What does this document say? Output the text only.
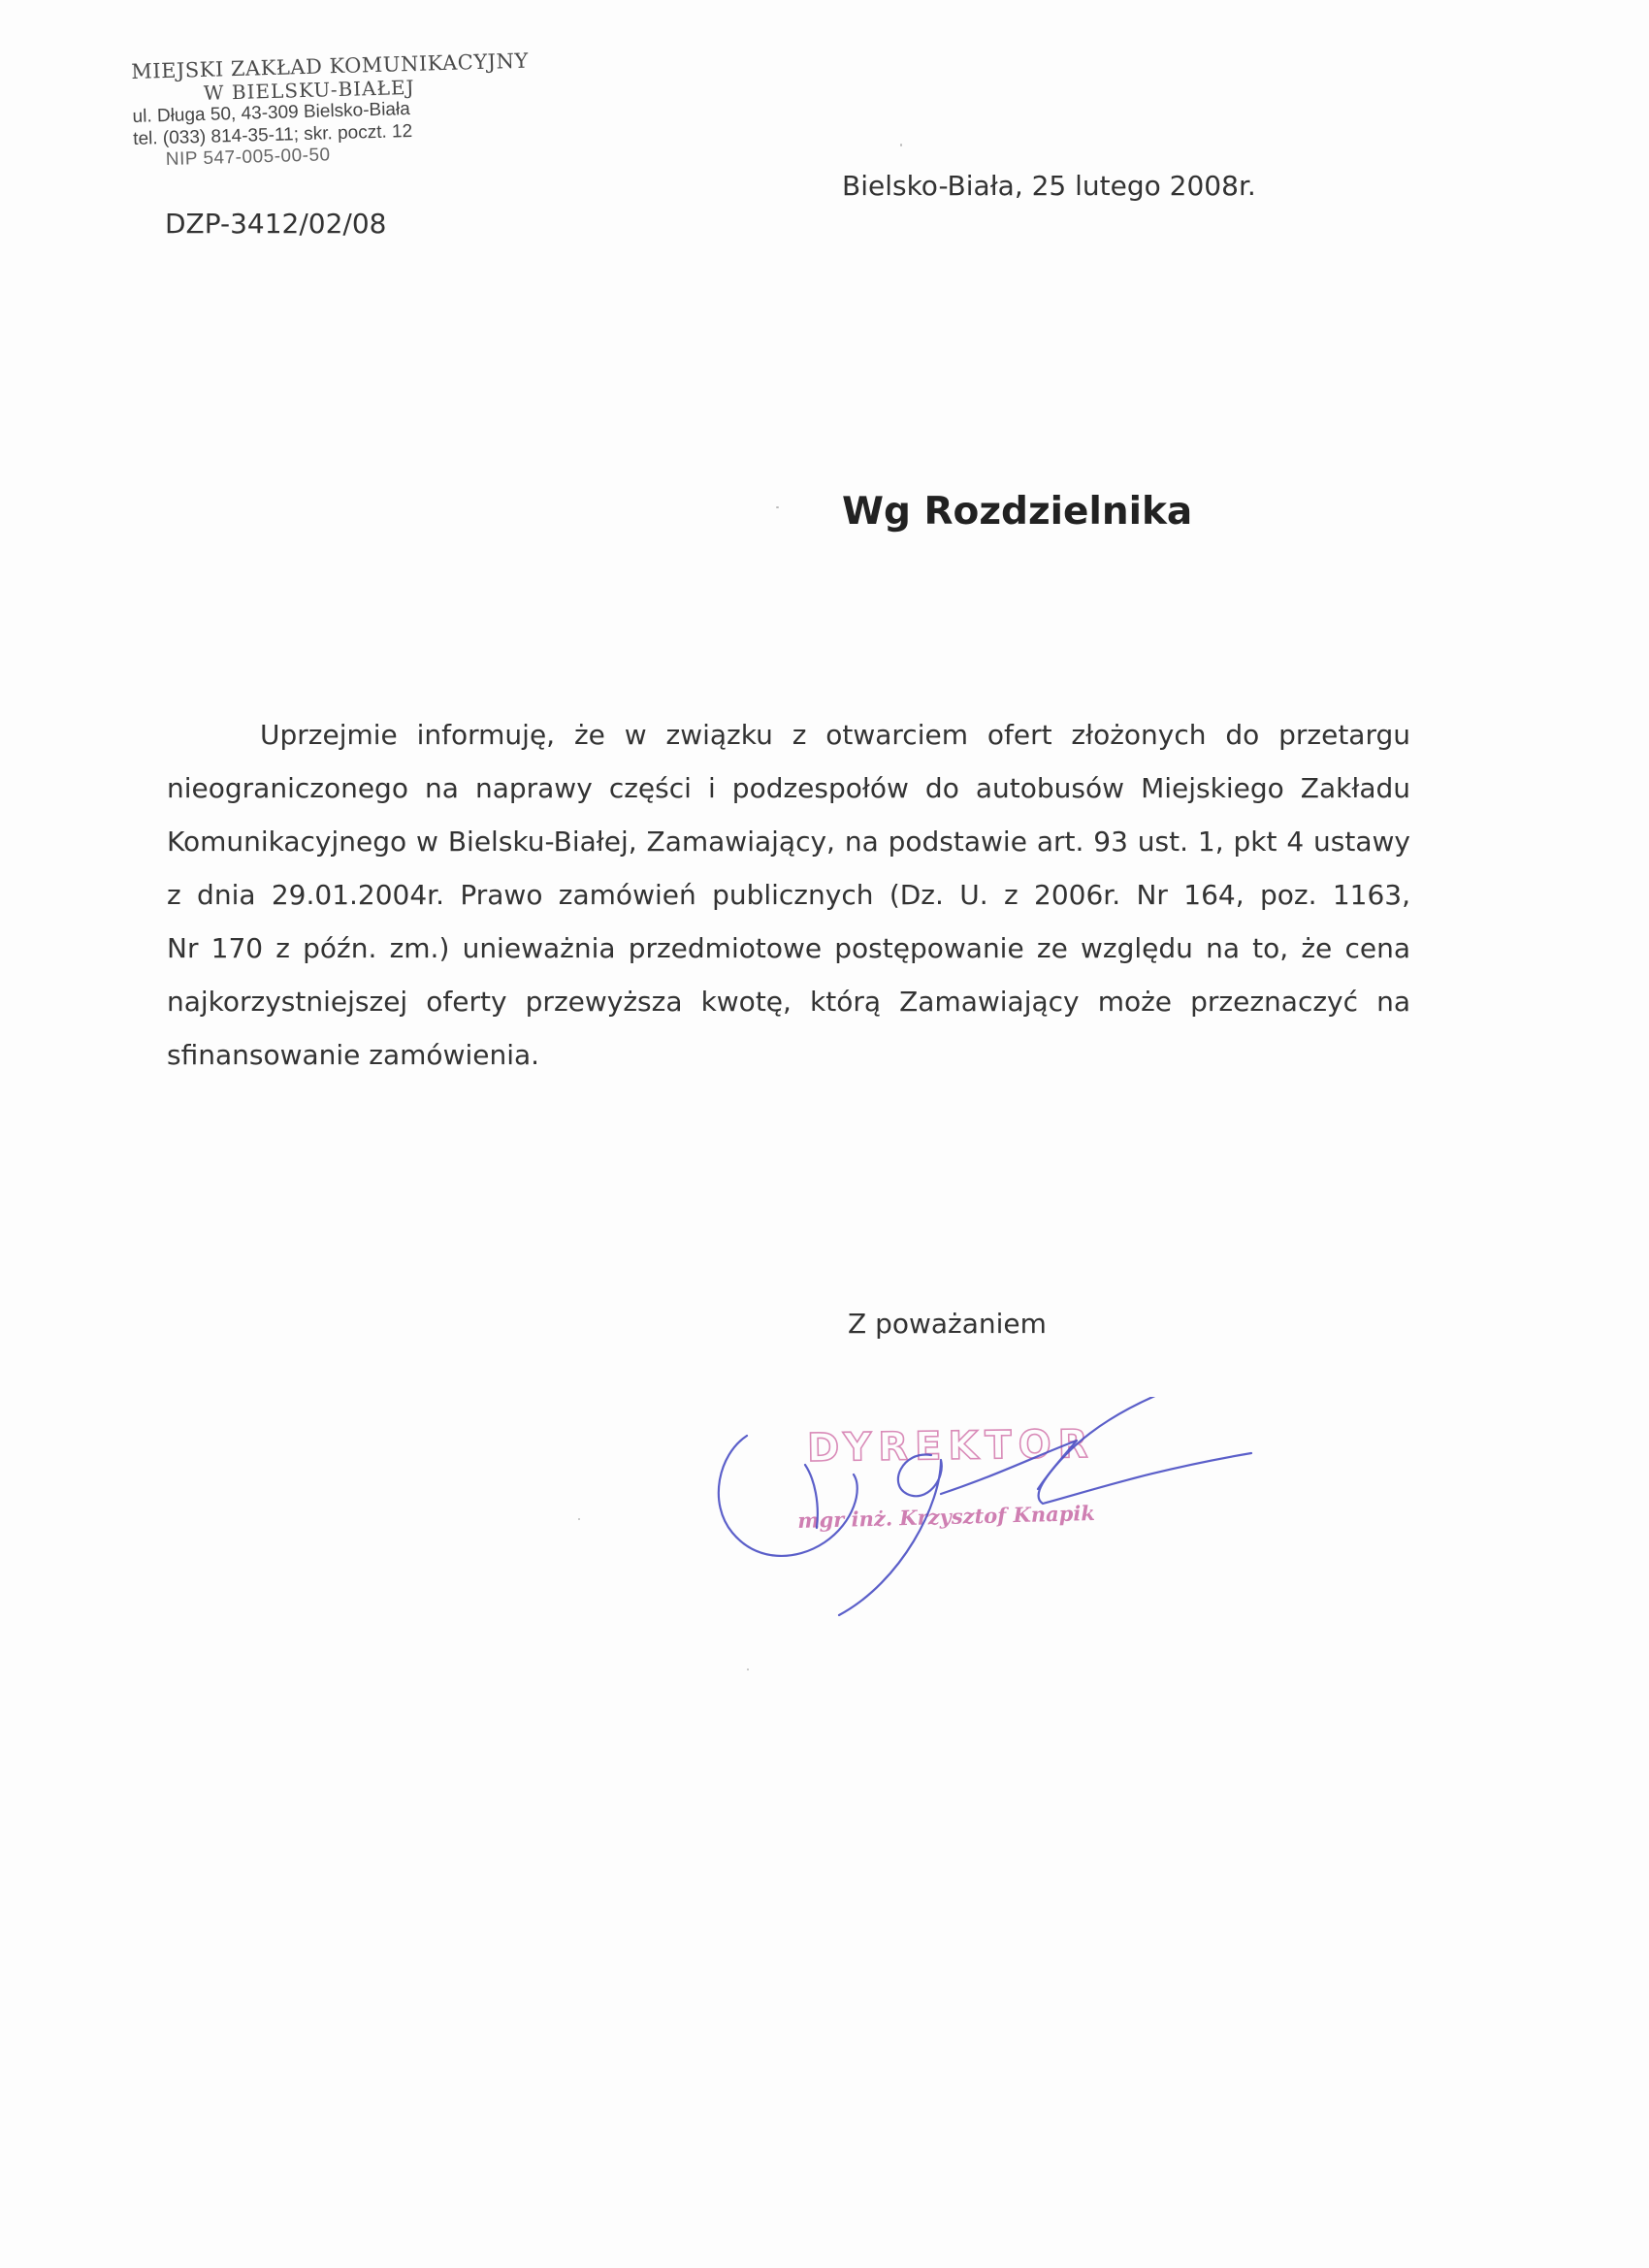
MIEJSKI ZAKŁAD KOMUNIKACYJNY
W BIELSKU-BIAŁEJ
ul. Długa 50, 43-309 Bielsko-Biała
tel. (033) 814-35-11; skr. poczt. 12
NIP 547-005-00-50
DZP-3412/02/08
Bielsko-Biała, 25 lutego 2008r.
Wg Rozdzielnika
Uprzejmie informuję, że w związku z otwarciem ofert złożonych do przetargu
nieograniczonego na naprawy części i podzespołów do autobusów Miejskiego Zakładu
Komunikacyjnego w Bielsku-Białej, Zamawiający, na podstawie art. 93 ust. 1, pkt 4 ustawy
z dnia 29.01.2004r. Prawo zamówień publicznych (Dz. U. z 2006r. Nr 164, poz. 1163,
Nr 170 z późn. zm.) unieważnia przedmiotowe postępowanie ze względu na to, że cena
najkorzystniejszej oferty przewyższa kwotę, którą Zamawiający może przeznaczyć na
sfinansowanie zamówienia.
Z poważaniem
DYREKTOR
mgr inż. Krzysztof Knapik
